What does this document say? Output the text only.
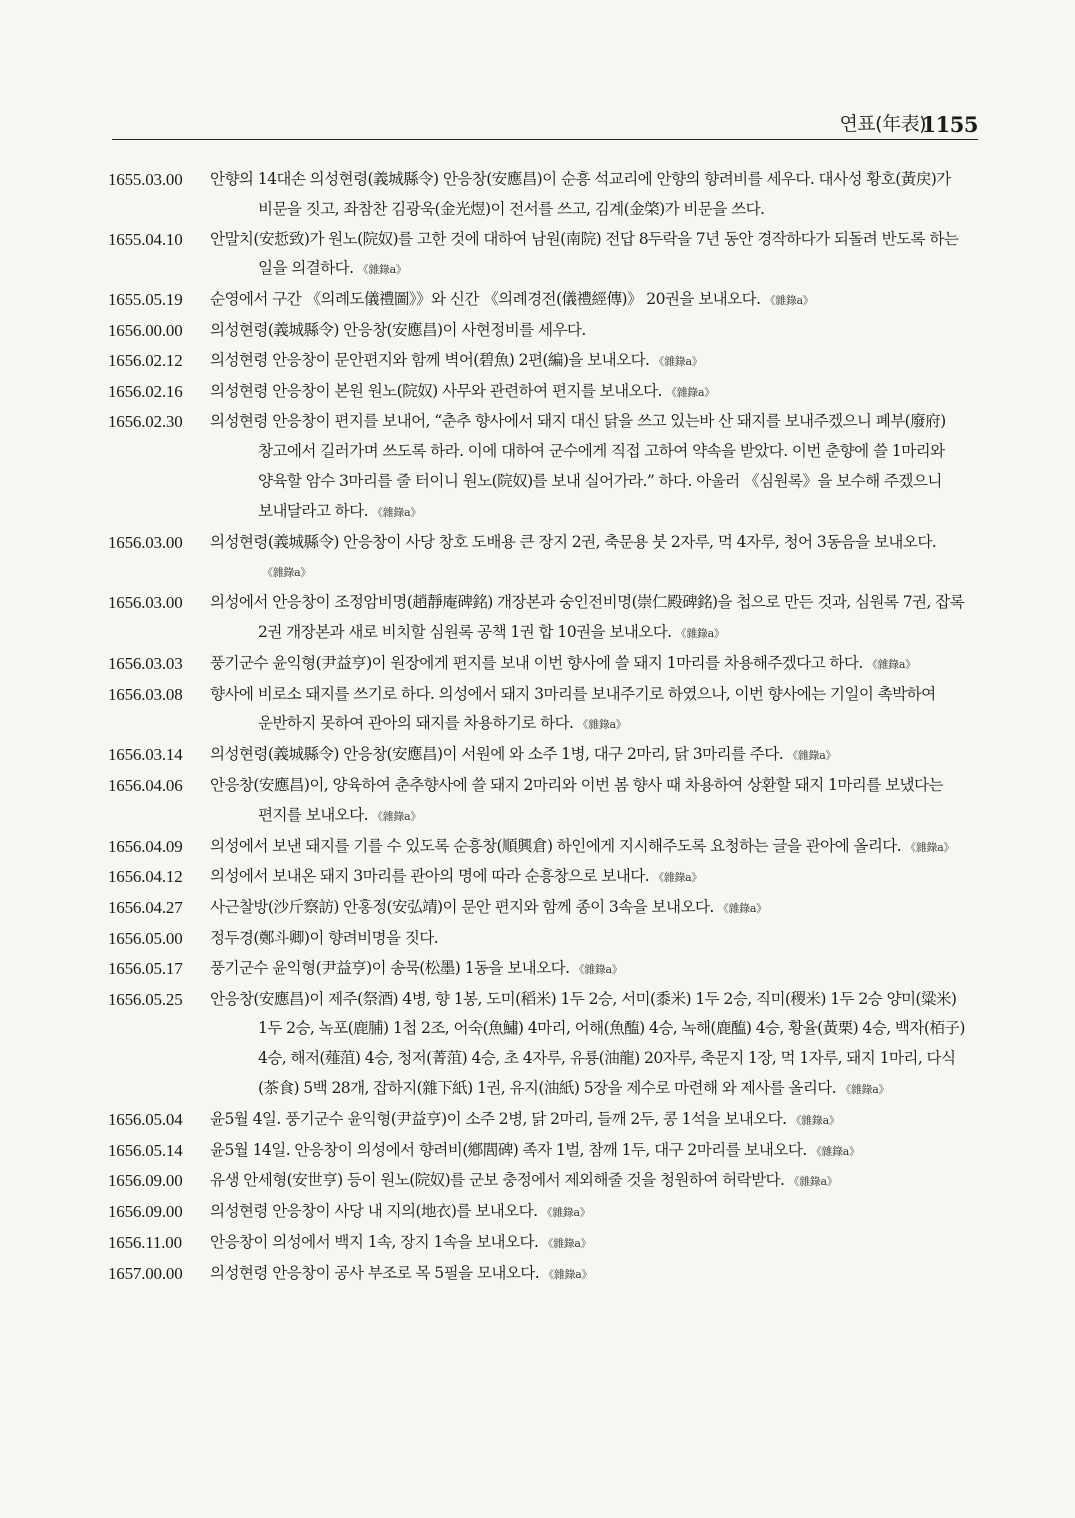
연표(年表)
1155
1655.03.00 안향의 14대손 의성현령(義城縣令) 안응창(安應昌)이 순흥 석교리에 안향의 향려비를 세우다. 대사성 황호(黃戻)가 비문을 짓고, 좌참찬 김광욱(金光煜)이 전서를 쓰고, 김계(金棨)가 비문을 쓰다.
1655.04.10 안말치(安悊致)가 원노(院奴)를 고한 것에 대하여 남원(南院) 전답 8두락을 7년 동안 경작하다가 되돌려 반도록 하는 일을 의결하다. 《雜錄a》
1655.05.19 순영에서 구간 《의례도儀禮圖》》와 신간 《의례경전(儀禮經傳)》 20권을 보내오다. 《雜錄a》
1656.00.00 의성현령(義城縣令) 안응창(安應昌)이 사현정비를 세우다.
1656.02.12 의성현령 안응창이 문안편지와 함께 벽어(碧魚) 2편(編)을 보내오다. 《雜錄a》
1656.02.16 의성현령 안응창이 본원 원노(院奴) 사무와 관련하여 편지를 보내오다. 《雜錄a》
1656.02.30 의성현령 안응창이 편지를 보내어, “춘추 향사에서 돼지 대신 닭을 쓰고 있는바 산 돼지를 보내주겠으니 폐부(廢府) 창고에서 길러가며 쓰도록 하라. 이에 대하여 군수에게 직접 고하여 약속을 받았다. 이번 춘향에 쓸 1마리와 양육할 암수 3마리를 줄 터이니 원노(院奴)를 보내 실어가라.” 하다. 아울러 《심원록》을 보수해 주겠으니 보내달라고 하다. 《雜錄a》
1656.03.00 의성현령(義城縣令) 안응창이 사당 창호 도배용 큰 장지 2권, 축문용 붓 2자루, 먹 4자루, 청어 3동음을 보내오다.《雜錄a》
1656.03.00 의성에서 안응창이 조정암비명(趙靜庵碑銘) 개장본과 숭인전비명(崇仁殿碑銘)을 첩으로 만든 것과, 심원록 7권, 잡록 2권 개장본과 새로 비치할 심원록 공책 1권 합 10권을 보내오다. 《雜錄a》
1656.03.03 풍기군수 윤익형(尹益亨)이 원장에게 편지를 보내 이번 향사에 쓸 돼지 1마리를 차용해주겠다고 하다. 《雜錄a》
1656.03.08 향사에 비로소 돼지를 쓰기로 하다. 의성에서 돼지 3마리를 보내주기로 하였으나, 이번 향사에는 기일이 촉박하여 운반하지 못하여 관아의 돼지를 차용하기로 하다. 《雜錄a》
1656.03.14 의성현령(義城縣令) 안응창(安應昌)이 서원에 와 소주 1병, 대구 2마리, 닭 3마리를 주다. 《雜錄a》
1656.04.06 안응창(安應昌)이, 양육하여 춘추향사에 쓸 돼지 2마리와 이번 봄 향사 때 차용하여 상환할 돼지 1마리를 보냈다는 편지를 보내오다. 《雜錄a》
1656.04.09 의성에서 보낸 돼지를 기를 수 있도록 순흥창(順興倉) 하인에게 지시해주도록 요청하는 글을 관아에 올리다. 《雜錄a》
1656.04.12 의성에서 보내온 돼지 3마리를 관아의 명에 따라 순흥창으로 보내다. 《雜錄a》
1656.04.27 사근찰방(沙斤察訪) 안홍정(安弘靖)이 문안 편지와 함께 종이 3속을 보내오다. 《雜錄a》
1656.05.00 정두경(鄭斗卿)이 향려비명을 짓다.
1656.05.17 풍기군수 윤익형(尹益亨)이 송묵(松墨) 1동을 보내오다. 《雜錄a》
1656.05.25 안응창(安應昌)이 제주(祭酒) 4병, 향 1봉, 도미(稻米) 1두 2승, 서미(黍米) 1두 2승, 직미(稷米) 1두 2승 양미(粱米) 1두 2승, 녹포(鹿脯) 1첩 2조, 어숙(魚鱐) 4마리, 어해(魚醢) 4승, 녹해(鹿醢) 4승, 황율(黃栗) 4승, 백자(栢子) 4승, 해저(薤菹) 4승, 청저(菁菹) 4승, 초 4자루, 유룡(油龍) 20자루, 축문지 1장, 먹 1자루, 돼지 1마리, 다식(茶食) 5백 28개, 잡하지(雜下紙) 1권, 유지(油紙) 5장을 제수로 마련해 와 제사를 올리다. 《雜錄a》
1656.05.04 윤5월 4일. 풍기군수 윤익형(尹益亨)이 소주 2병, 닭 2마리, 들깨 2두, 콩 1석을 보내오다. 《雜錄a》
1656.05.14 윤5월 14일. 안응창이 의성에서 향려비(鄕閭碑) 족자 1벌, 참깨 1두, 대구 2마리를 보내오다. 《雜錄a》
1656.09.00 유생 안세형(安世亨) 등이 원노(院奴)를 군보 충정에서 제외해줄 것을 청원하여 허락받다. 《雜錄a》
1656.09.00 의성현령 안응창이 사당 내 지의(地衣)를 보내오다. 《雜錄a》
1656.11.00 안응창이 의성에서 백지 1속, 장지 1속을 보내오다. 《雜錄a》
1657.00.00 의성현령 안응창이 공사 부조로 목 5필을 모내오다. 《雜錄a》
